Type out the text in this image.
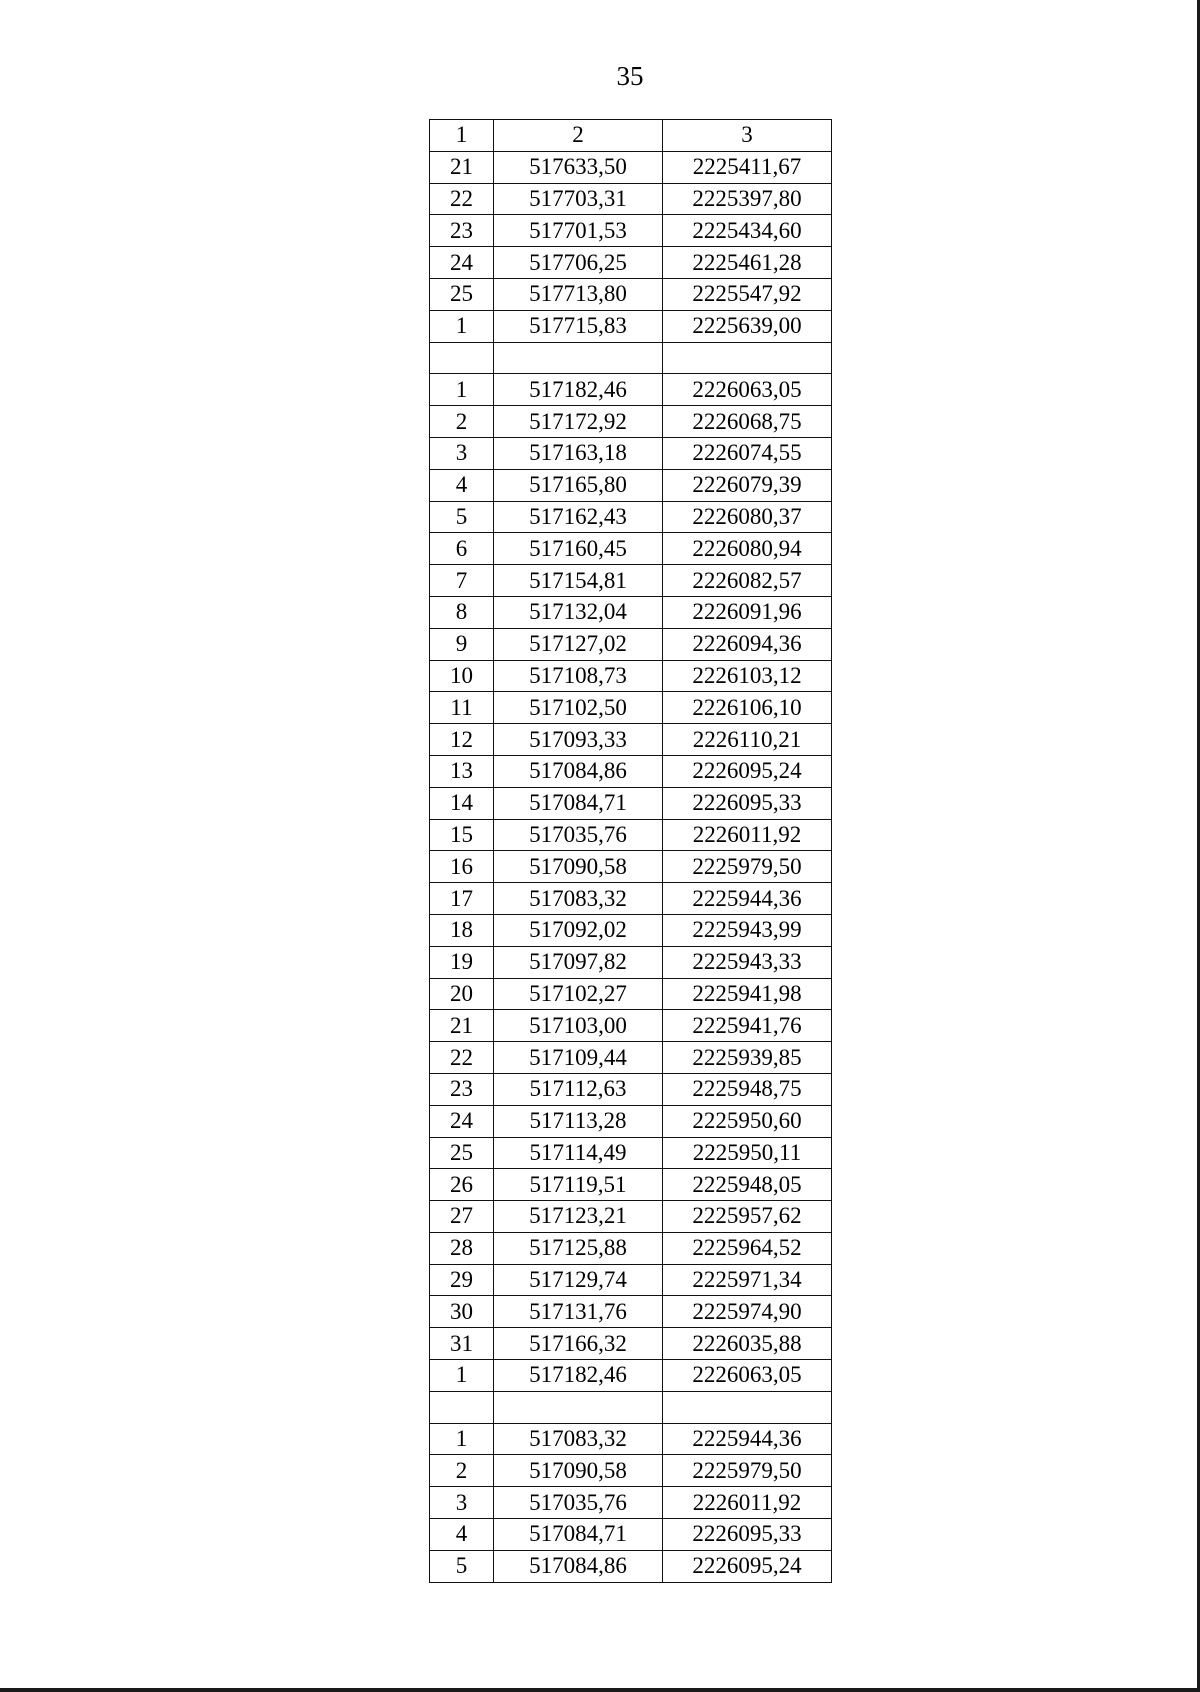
35
1	2	3
21	517633,50	2225411,67
22	517703,31	2225397,80
23	517701,53	2225434,60
24	517706,25	2225461,28
25	517713,80	2225547,92
1	517715,83	2225639,00

1	517182,46	2226063,05
2	517172,92	2226068,75
3	517163,18	2226074,55
4	517165,80	2226079,39
5	517162,43	2226080,37
6	517160,45	2226080,94
7	517154,81	2226082,57
8	517132,04	2226091,96
9	517127,02	2226094,36
10	517108,73	2226103,12
11	517102,50	2226106,10
12	517093,33	2226110,21
13	517084,86	2226095,24
14	517084,71	2226095,33
15	517035,76	2226011,92
16	517090,58	2225979,50
17	517083,32	2225944,36
18	517092,02	2225943,99
19	517097,82	2225943,33
20	517102,27	2225941,98
21	517103,00	2225941,76
22	517109,44	2225939,85
23	517112,63	2225948,75
24	517113,28	2225950,60
25	517114,49	2225950,11
26	517119,51	2225948,05
27	517123,21	2225957,62
28	517125,88	2225964,52
29	517129,74	2225971,34
30	517131,76	2225974,90
31	517166,32	2226035,88
1	517182,46	2226063,05

1	517083,32	2225944,36
2	517090,58	2225979,50
3	517035,76	2226011,92
4	517084,71	2226095,33
5	517084,86	2226095,24
